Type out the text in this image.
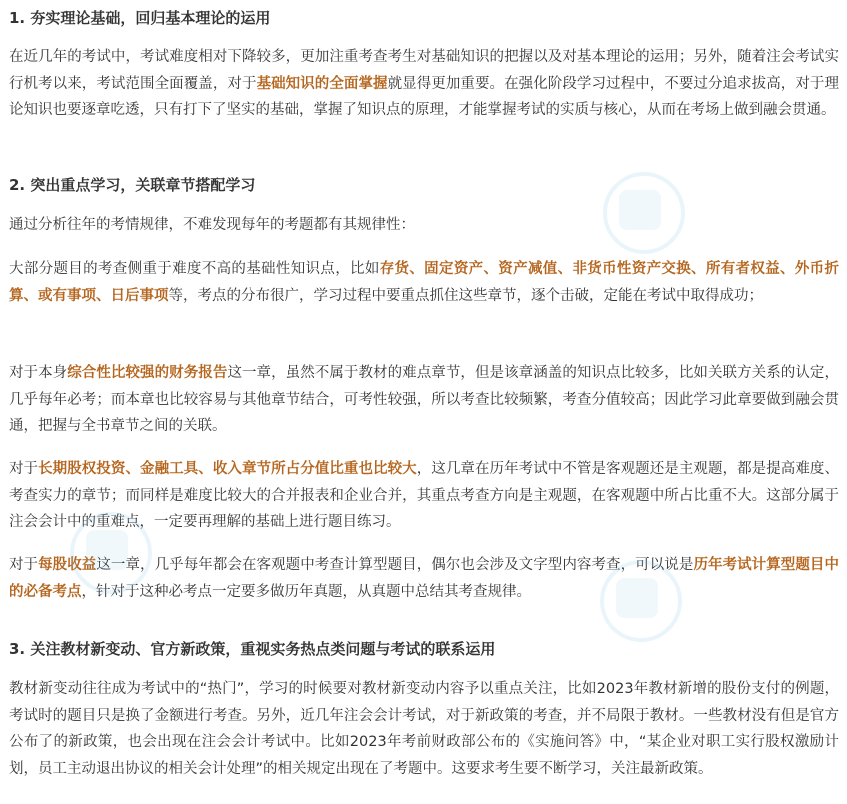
1. 夯实理论基础，回归基本理论的运用

在近几年的考试中，考试难度相对下降较多，更加注重考查考生对基础知识的把握以及对基本理论的运用；另外，随着注会考试实行机考以来，考试范围全面覆盖，对于基础知识的全面掌握就显得更加重要。在强化阶段学习过程中，不要过分追求拔高，对于理论知识也要逐章吃透，只有打下了坚实的基础，掌握了知识点的原理，才能掌握考试的实质与核心，从而在考场上做到融会贯通。

2. 突出重点学习，关联章节搭配学习

通过分析往年的考情规律，不难发现每年的考题都有其规律性：

大部分题目的考查侧重于难度不高的基础性知识点，比如存货、固定资产、资产减值、非货币性资产交换、所有者权益、外币折算、或有事项、日后事项等，考点的分布很广，学习过程中要重点抓住这些章节，逐个击破，定能在考试中取得成功；

对于本身综合性比较强的财务报告这一章，虽然不属于教材的难点章节，但是该章涵盖的知识点比较多，比如关联方关系的认定，几乎每年必考；而本章也比较容易与其他章节结合，可考性较强，所以考查比较频繁，考查分值较高；因此学习此章要做到融会贯通，把握与全书章节之间的关联。

对于长期股权投资、金融工具、收入章节所占分值比重也比较大，这几章在历年考试中不管是客观题还是主观题，都是提高难度、考查实力的章节；而同样是难度比较大的合并报表和企业合并，其重点考查方向是主观题，在客观题中所占比重不大。这部分属于注会会计中的重难点，一定要再理解的基础上进行题目练习。

对于每股收益这一章，几乎每年都会在客观题中考查计算型题目，偶尔也会涉及文字型内容考查，可以说是历年考试计算型题目中的必备考点，针对于这种必考点一定要多做历年真题，从真题中总结其考查规律。

3. 关注教材新变动、官方新政策，重视实务热点类问题与考试的联系运用

教材新变动往往成为考试中的“热门”，学习的时候要对教材新变动内容予以重点关注，比如2023年教材新增的股份支付的例题，考试时的题目只是换了金额进行考查。另外，近几年注会会计考试，对于新政策的考查，并不局限于教材。一些教材没有但是官方公布了的新政策，也会出现在注会会计考试中。比如2023年考前财政部公布的《实施问答》中，“某企业对职工实行股权激励计划，员工主动退出协议的相关会计处理”的相关规定出现在了考题中。这要求考生要不断学习，关注最新政策。
